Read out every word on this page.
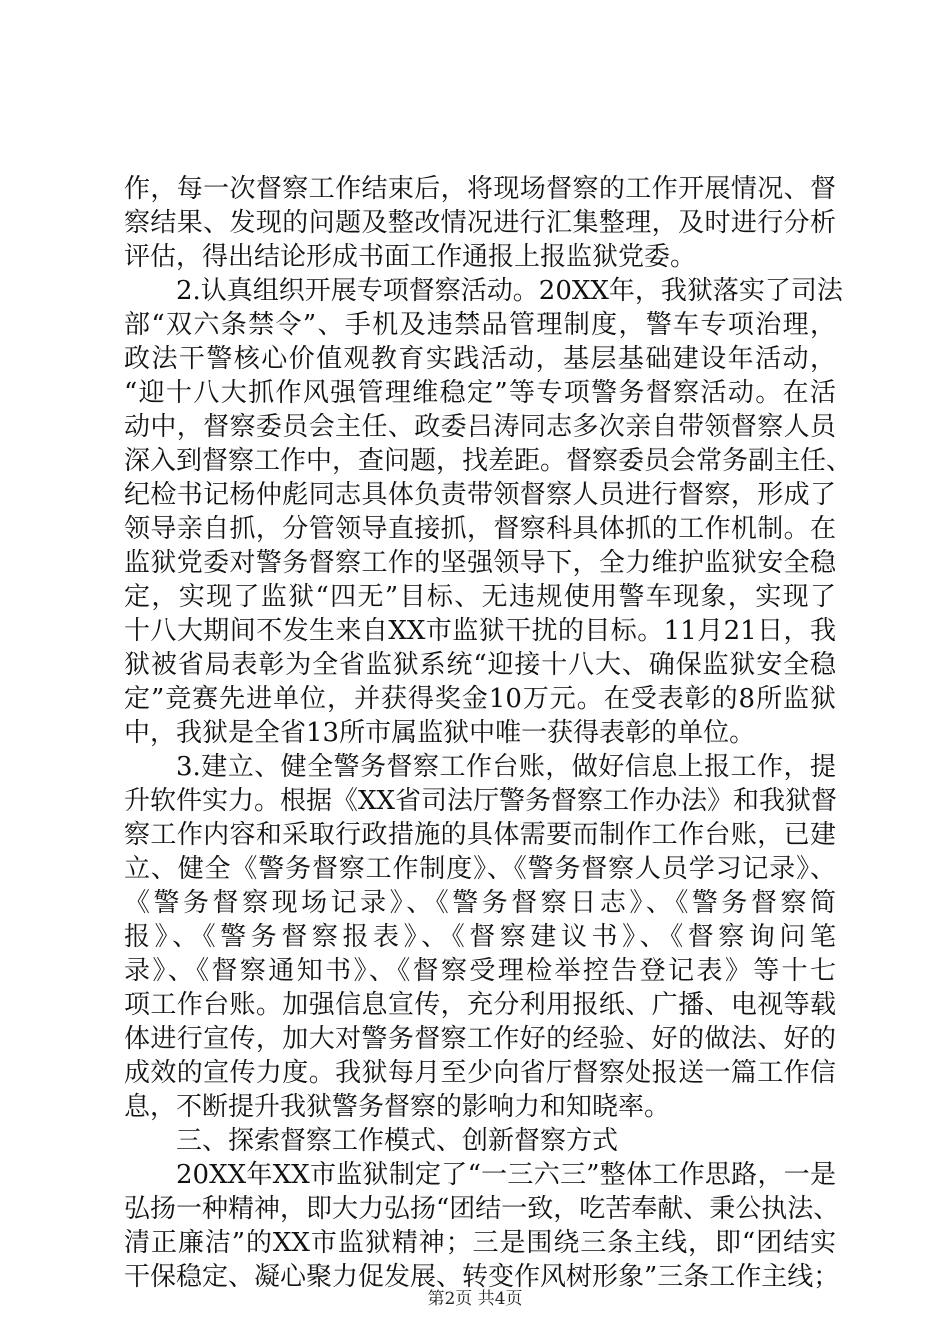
作，每一次督察工作结束后，将现场督察的工作开展情况、督
察结果、发现的问题及整改情况进行汇集整理，及时进行分析
评估，得出结论形成书面工作通报上报监狱党委。
2.认真组织开展专项督察活动。20XX年，我狱落实了司法
部“双六条禁令”、手机及违禁品管理制度，警车专项治理，
政法干警核心价值观教育实践活动，基层基础建设年活动，
“迎十八大抓作风强管理维稳定”等专项警务督察活动。在活
动中，督察委员会主任、政委吕涛同志多次亲自带领督察人员
深入到督察工作中，查问题，找差距。督察委员会常务副主任、
纪检书记杨仲彪同志具体负责带领督察人员进行督察，形成了
领导亲自抓，分管领导直接抓，督察科具体抓的工作机制。在
监狱党委对警务督察工作的坚强领导下，全力维护监狱安全稳
定，实现了监狱“四无”目标、无违规使用警车现象，实现了
十八大期间不发生来自XX市监狱干扰的目标。11月21日，我
狱被省局表彰为全省监狱系统“迎接十八大、确保监狱安全稳
定”竞赛先进单位，并获得奖金10万元。在受表彰的8所监狱
中，我狱是全省13所市属监狱中唯一获得表彰的单位。
3.建立、健全警务督察工作台账，做好信息上报工作，提
升软件实力。根据《XX省司法厅警务督察工作办法》和我狱督
察工作内容和采取行政措施的具体需要而制作工作台账，已建
立、健全《警务督察工作制度》、《警务督察人员学习记录》、
《警务督察现场记录》、《警务督察日志》、《警务督察简
报》、《警务督察报表》、《督察建议书》、《督察询问笔
录》、《督察通知书》、《督察受理检举控告登记表》等十七
项工作台账。加强信息宣传，充分利用报纸、广播、电视等载
体进行宣传，加大对警务督察工作好的经验、好的做法、好的
成效的宣传力度。我狱每月至少向省厅督察处报送一篇工作信
息，不断提升我狱警务督察的影响力和知晓率。
三、探索督察工作模式、创新督察方式
20XX年XX市监狱制定了“一三六三”整体工作思路，一是
弘扬一种精神，即大力弘扬“团结一致，吃苦奉献、秉公执法、
清正廉洁”的XX市监狱精神；三是围绕三条主线，即“团结实
干保稳定、凝心聚力促发展、转变作风树形象”三条工作主线；
第2页 共4页
